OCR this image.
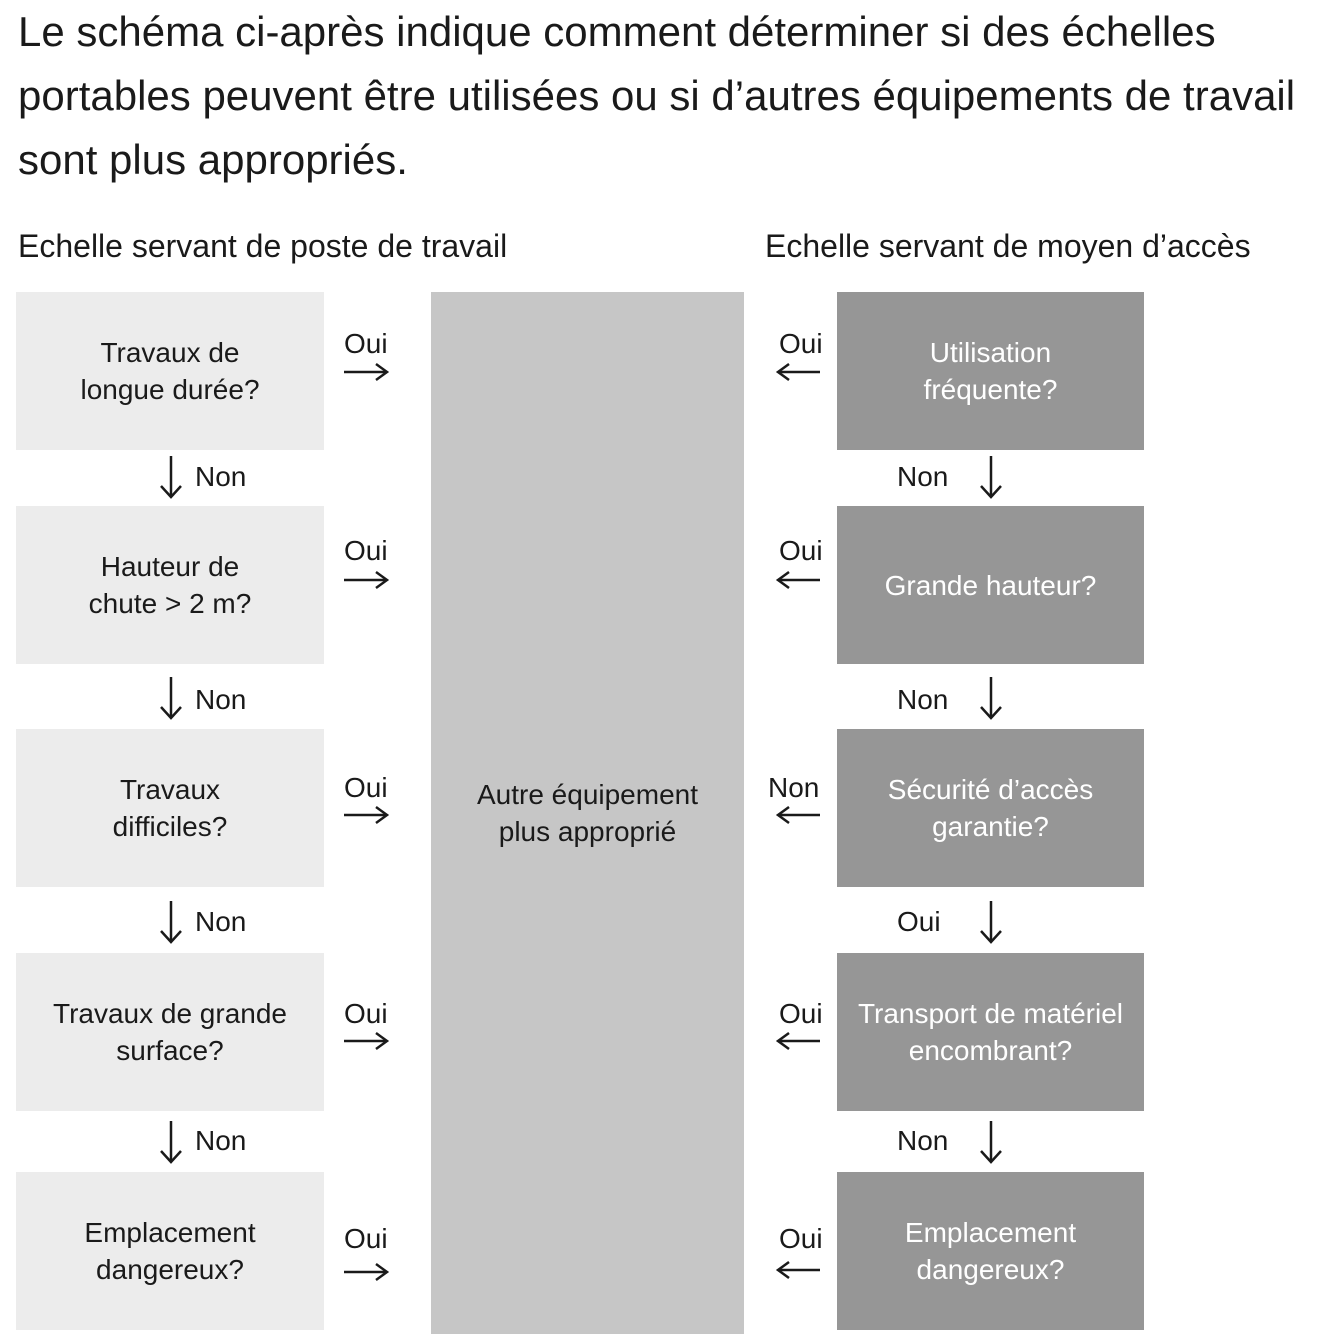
Le schéma ci-après indique comment déterminer si des échelles portables peuvent être utilisées ou si d’autres équipements de travail sont plus appropriés.

Echelle servant de poste de travail	Echelle servant de moyen d’accès
Autre équipement
plus approprié
Travaux de
longue durée?
Hauteur de
chute > 2 m?
Travaux
difficiles?
Travaux de grande
surface?
Emplacement
dangereux?
Utilisation
fréquente?
Grande hauteur?
Sécurité d’accès
garantie?
Transport de matériel
encombrant?
Emplacement
dangereux?
Oui
Oui
Oui
Oui
Oui
Oui
Oui
Non
Oui
Oui
Non
Non
Non
Non
Non
Non
Oui
Non
